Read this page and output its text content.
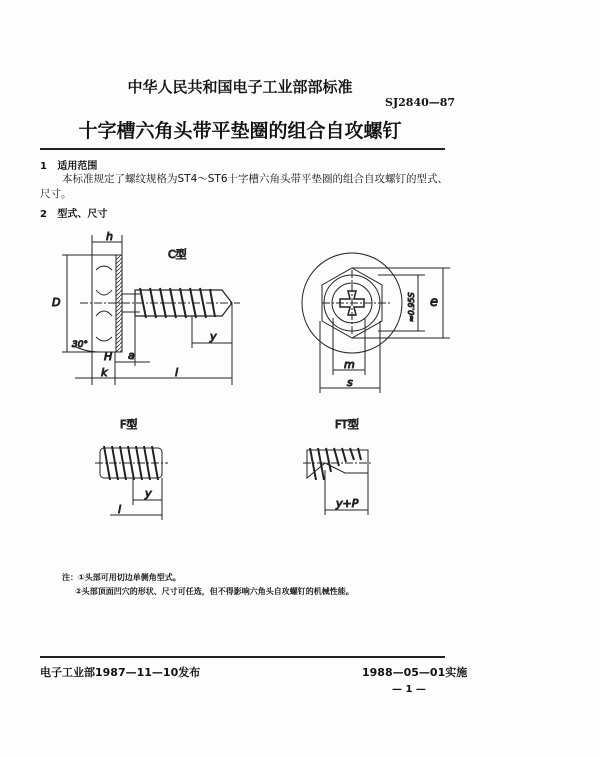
中华人民共和国电子工业部部标准
SJ2840—87
十字槽六角头带平垫圈的组合自攻螺钉
1 适用范围
本标准规定了螺纹规格为ST4～ST6十字槽六角头带平垫圈的组合自攻螺钉的型式、尺寸。
2 型式、尺寸
h
C型
D
30°
H a
y
k	l
e
≈0.95S
m
s
F型
y
l
FT型
y+P
注：①头部可用切边单侧角型式。
②头部顶面凹穴的形状、尺寸可任选，但不得影响六角头自攻螺钉的机械性能。
电子工业部1987—11—10发布	1988—05—01实施
— 1 —
